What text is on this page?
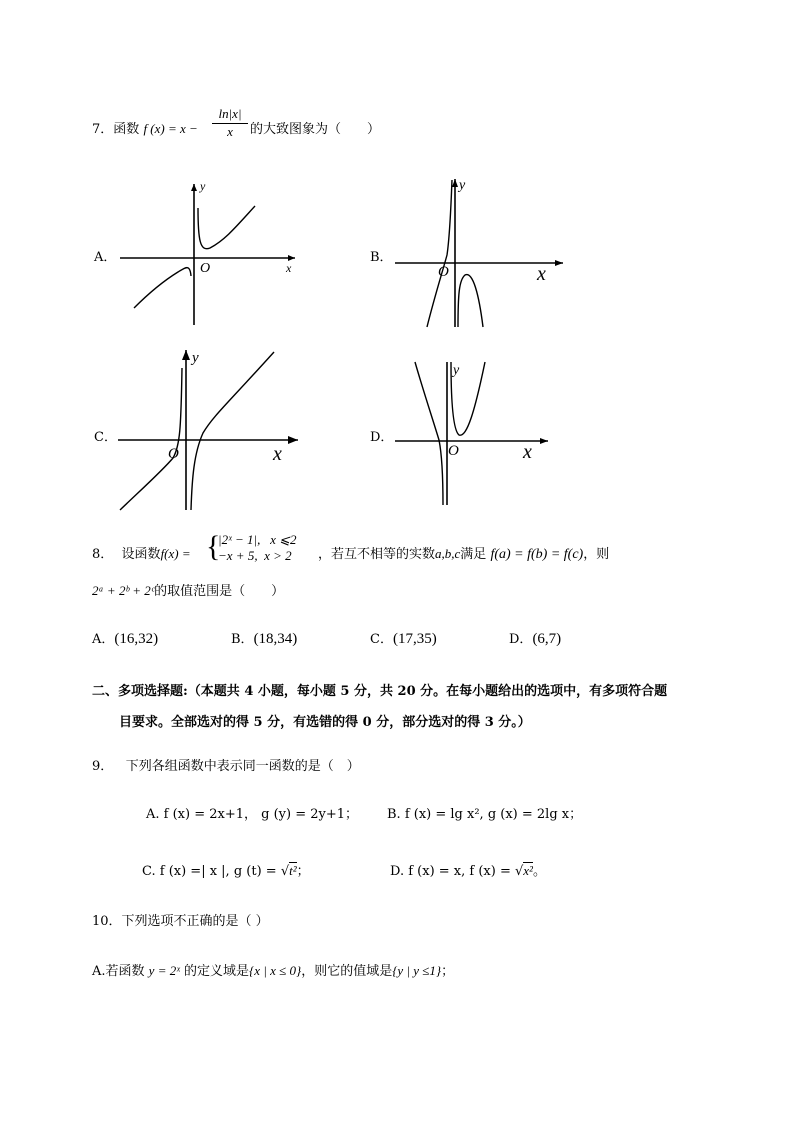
7．函数 f $(x) = x - \frac{\ln|x|}{x}$ 的大致图象为（　　）
A．
O	x
y
B．
O	x
y
C．
O	x
y
D．
O	x
y
8． 设函数f(x) = {
|2ˣ − 1|, x ⩽2
−x + 5, x > 2	，若互不相等的实数a,b,c满足 f(a) = f(b) = f(c)，则
2ᵃ + 2ᵇ + 2ᶜ的取值范围是（　　）
A．(16,32)	B．(18,34)	C．(17,35)	D．(6,7)
二、多项选择题:（本题共 4 小题，每小题 5 分，共 20 分。在每小题给出的选项中，有多项符合题
目要求。全部选对的得 5 分，有选错的得 0 分，部分选对的得 3 分。）
9． 下列各组函数中表示同一函数的是（　）
A. f (x) = 2x+1， g (y) = 2y+1； B. f (x) = lg x², g (x) = 2lg x；
C. f (x) =| x |, g (t) = √t²；	D. f (x) = x, f (x) = √x²。
10．下列选项不正确的是（ ）
A.若函数 y = 2ˣ 的定义域是{x | x ≤ 0}，则它的值域是{y | y ≤1}；
